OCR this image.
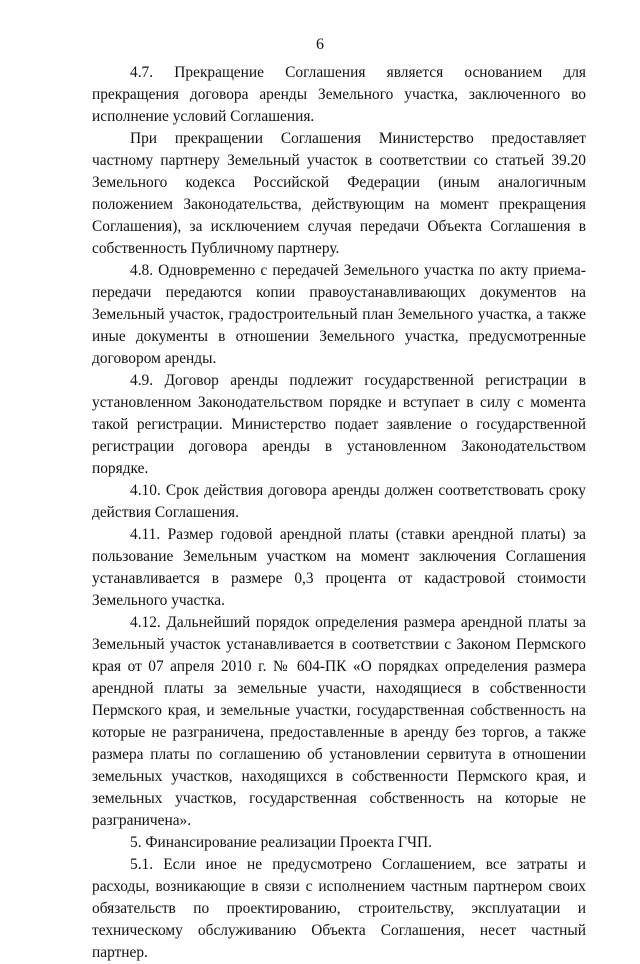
6

4.7. Прекращение Соглашения является основанием для прекращения договора аренды Земельного участка, заключенного во исполнение условий Соглашения.

При прекращении Соглашения Министерство предоставляет частному партнеру Земельный участок в соответствии со статьей 39.20 Земельного кодекса Российской Федерации (иным аналогичным положением Законодательства, действующим на момент прекращения Соглашения), за исключением случая передачи Объекта Соглашения в собственность Публичному партнеру.

4.8. Одновременно с передачей Земельного участка по акту приема-передачи передаются копии правоустанавливающих документов на Земельный участок, градостроительный план Земельного участка, а также иные документы в отношении Земельного участка, предусмотренные договором аренды.

4.9. Договор аренды подлежит государственной регистрации в установленном Законодательством порядке и вступает в силу с момента такой регистрации. Министерство подает заявление о государственной регистрации договора аренды в установленном Законодательством порядке.

4.10. Срок действия договора аренды должен соответствовать сроку действия Соглашения.

4.11. Размер годовой арендной платы (ставки арендной платы) за пользование Земельным участком на момент заключения Соглашения устанавливается в размере 0,3 процента от кадастровой стоимости Земельного участка.

4.12. Дальнейший порядок определения размера арендной платы за Земельный участок устанавливается в соответствии с Законом Пермского края от 07 апреля 2010 г. № 604-ПК «О порядках определения размера арендной платы за земельные участи, находящиеся в собственности Пермского края, и земельные участки, государственная собственность на которые не разграничена, предоставленные в аренду без торгов, а также размера платы по соглашению об установлении сервитута в отношении земельных участков, находящихся в собственности Пермского края, и земельных участков, государственная собственность на которые не разграничена».

5. Финансирование реализации Проекта ГЧП.

5.1. Если иное не предусмотрено Соглашением, все затраты и расходы, возникающие в связи с исполнением частным партнером своих обязательств по проектированию, строительству, эксплуатации и техническому обслуживанию Объекта Соглашения, несет частный партнер.
